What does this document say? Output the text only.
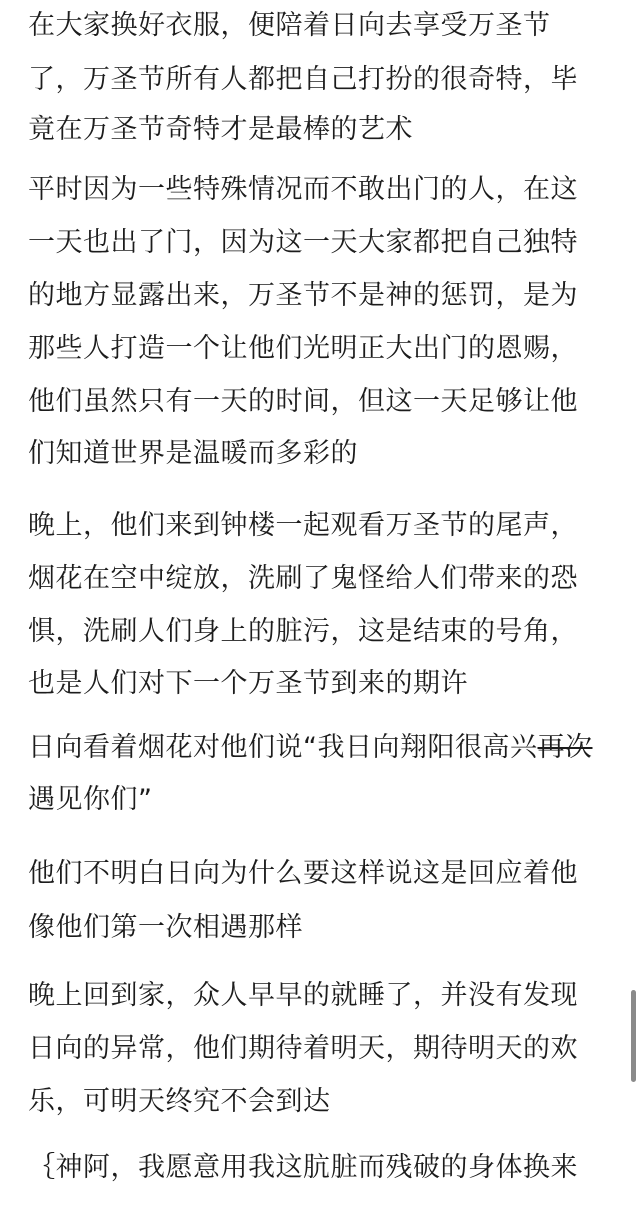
在大家换好衣服，便陪着日向去享受万圣节
了，万圣节所有人都把自己打扮的很奇特，毕
竟在万圣节奇特才是最棒的艺术
平时因为一些特殊情况而不敢出门的人，在这
一天也出了门，因为这一天大家都把自己独特
的地方显露出来，万圣节不是神的惩罚，是为
那些人打造一个让他们光明正大出门的恩赐，
他们虽然只有一天的时间，但这一天足够让他
们知道世界是温暖而多彩的
晚上，他们来到钟楼一起观看万圣节的尾声，
烟花在空中绽放，洗刷了鬼怪给人们带来的恐
惧，洗刷人们身上的脏污，这是结束的号角，
也是人们对下一个万圣节到来的期许
日向看着烟花对他们说“我日向翔阳很高兴再次
遇见你们”
他们不明白日向为什么要这样说这是回应着他
像他们第一次相遇那样
晚上回到家，众人早早的就睡了，并没有发现
日向的异常，他们期待着明天，期待明天的欢
乐，可明天终究不会到达
｛神阿，我愿意用我这肮脏而残破的身体换来
